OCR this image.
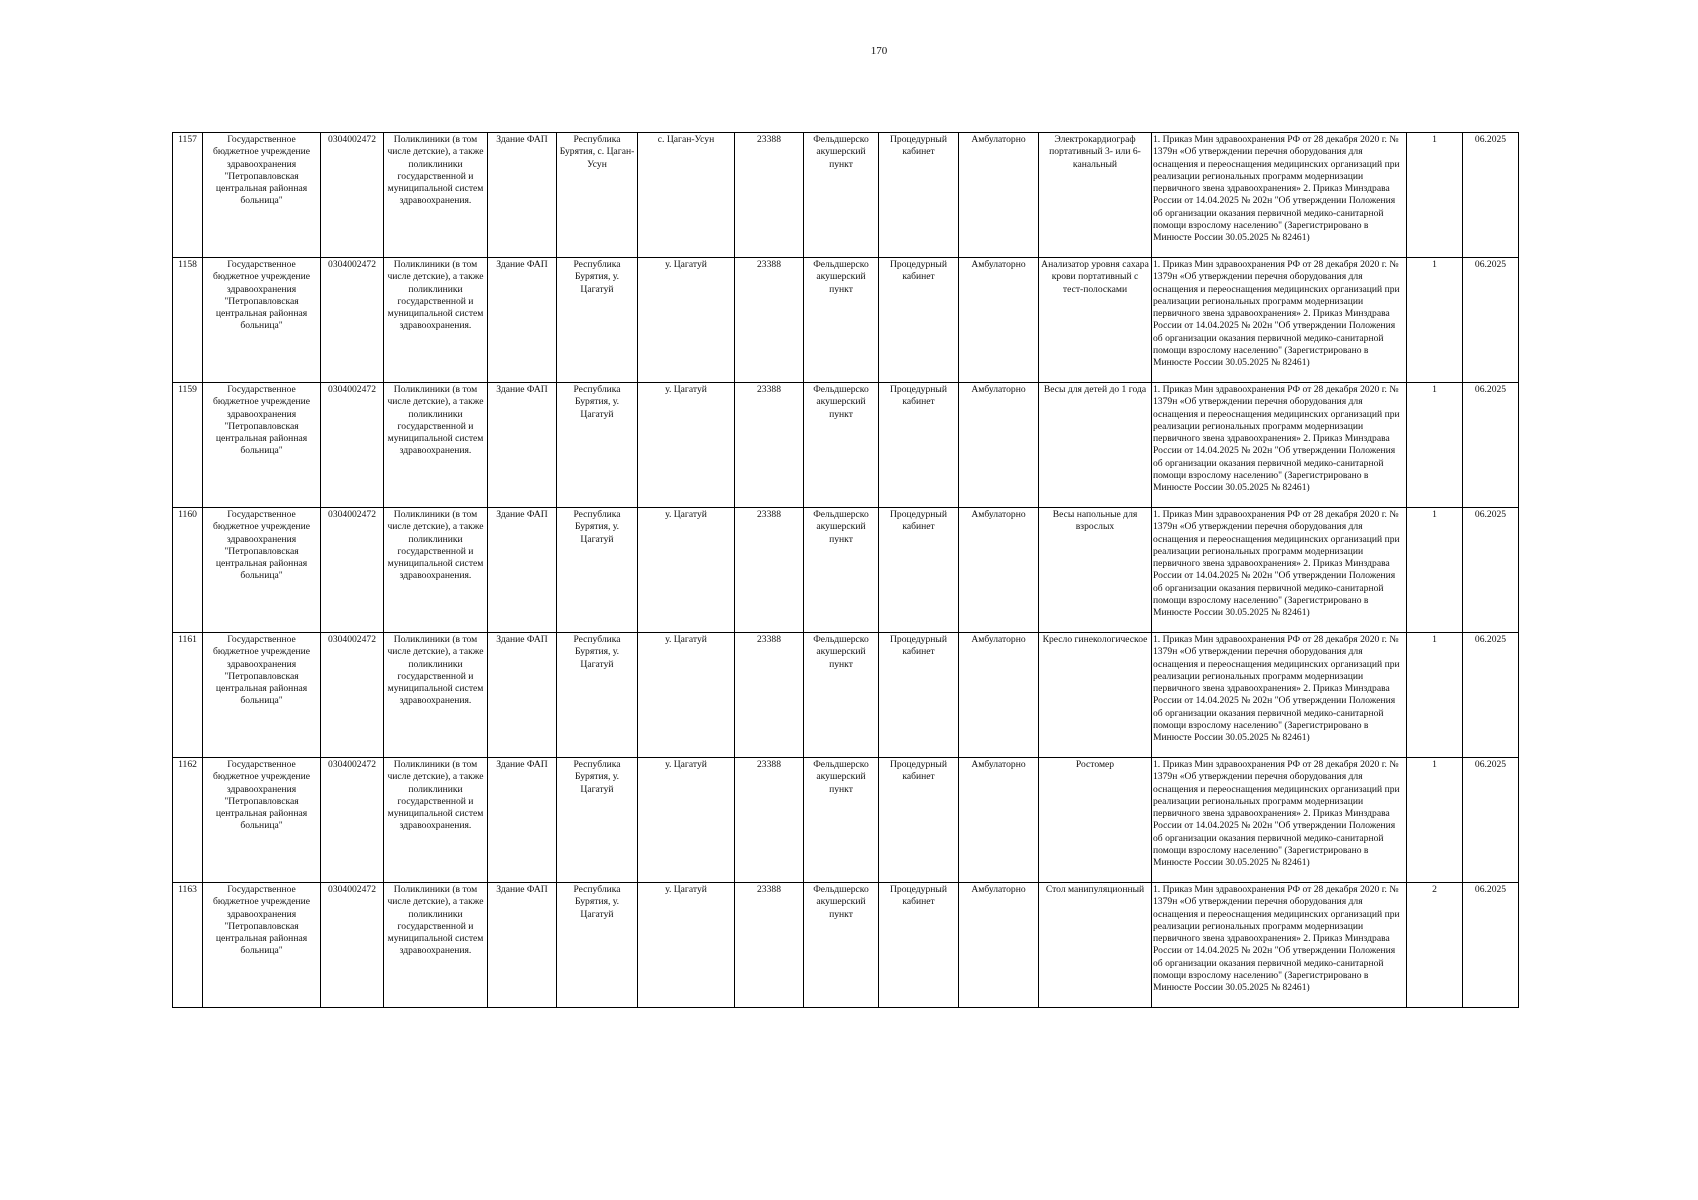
170
1157	Государственное бюджетное учреждение здравоохранения "Петропавловская центральная районная больница"	0304002472	Поликлиники (в том числе детские), а также поликлиники государственной и муниципальной систем здравоохранения.	Здание ФАП	Республика Бурятия, с. Цаган-Усун	с. Цаган-Усун	23388	Фельдшерско акушерский пункт	Процедурный кабинет	Амбулаторно	Электрокардиограф портативный 3- или 6-канальный	1. Приказ Мин здравоохранения РФ от 28 декабря 2020 г. № 1379н «Об утверждении перечня оборудования для оснащения и переоснащения медицинских организаций при реализации региональных программ модернизации первичного звена здравоохранения» 2. Приказ Минздрава России от 14.04.2025 № 202н "Об утверждении Положения об организации оказания первичной медико-санитарной помощи взрослому населению" (Зарегистрировано в Минюсте России 30.05.2025 № 82461)	1	06.2025
1158	Государственное бюджетное учреждение здравоохранения "Петропавловская центральная районная больница"	0304002472	Поликлиники (в том числе детские), а также поликлиники государственной и муниципальной систем здравоохранения.	Здание ФАП	Республика Бурятия, у. Цагатуй	у. Цагатуй	23388	Фельдшерско акушерский пункт	Процедурный кабинет	Амбулаторно	Анализатор уровня сахара крови портативный с тест-полосками	1. Приказ Мин здравоохранения РФ от 28 декабря 2020 г. № 1379н «Об утверждении перечня оборудования для оснащения и переоснащения медицинских организаций при реализации региональных программ модернизации первичного звена здравоохранения» 2. Приказ Минздрава России от 14.04.2025 № 202н "Об утверждении Положения об организации оказания первичной медико-санитарной помощи взрослому населению" (Зарегистрировано в Минюсте России 30.05.2025 № 82461)	1	06.2025
1159	Государственное бюджетное учреждение здравоохранения "Петропавловская центральная районная больница"	0304002472	Поликлиники (в том числе детские), а также поликлиники государственной и муниципальной систем здравоохранения.	Здание ФАП	Республика Бурятия, у. Цагатуй	у. Цагатуй	23388	Фельдшерско акушерский пункт	Процедурный кабинет	Амбулаторно	Весы для детей до 1 года	1. Приказ Мин здравоохранения РФ от 28 декабря 2020 г. № 1379н «Об утверждении перечня оборудования для оснащения и переоснащения медицинских организаций при реализации региональных программ модернизации первичного звена здравоохранения» 2. Приказ Минздрава России от 14.04.2025 № 202н "Об утверждении Положения об организации оказания первичной медико-санитарной помощи взрослому населению" (Зарегистрировано в Минюсте России 30.05.2025 № 82461)	1	06.2025
1160	Государственное бюджетное учреждение здравоохранения "Петропавловская центральная районная больница"	0304002472	Поликлиники (в том числе детские), а также поликлиники государственной и муниципальной систем здравоохранения.	Здание ФАП	Республика Бурятия, у. Цагатуй	у. Цагатуй	23388	Фельдшерско акушерский пункт	Процедурный кабинет	Амбулаторно	Весы напольные для взрослых	1. Приказ Мин здравоохранения РФ от 28 декабря 2020 г. № 1379н «Об утверждении перечня оборудования для оснащения и переоснащения медицинских организаций при реализации региональных программ модернизации первичного звена здравоохранения» 2. Приказ Минздрава России от 14.04.2025 № 202н "Об утверждении Положения об организации оказания первичной медико-санитарной помощи взрослому населению" (Зарегистрировано в Минюсте России 30.05.2025 № 82461)	1	06.2025
1161	Государственное бюджетное учреждение здравоохранения "Петропавловская центральная районная больница"	0304002472	Поликлиники (в том числе детские), а также поликлиники государственной и муниципальной систем здравоохранения.	Здание ФАП	Республика Бурятия, у. Цагатуй	у. Цагатуй	23388	Фельдшерско акушерский пункт	Процедурный кабинет	Амбулаторно	Кресло гинекологическое	1. Приказ Мин здравоохранения РФ от 28 декабря 2020 г. № 1379н «Об утверждении перечня оборудования для оснащения и переоснащения медицинских организаций при реализации региональных программ модернизации первичного звена здравоохранения» 2. Приказ Минздрава России от 14.04.2025 № 202н "Об утверждении Положения об организации оказания первичной медико-санитарной помощи взрослому населению" (Зарегистрировано в Минюсте России 30.05.2025 № 82461)	1	06.2025
1162	Государственное бюджетное учреждение здравоохранения "Петропавловская центральная районная больница"	0304002472	Поликлиники (в том числе детские), а также поликлиники государственной и муниципальной систем здравоохранения.	Здание ФАП	Республика Бурятия, у. Цагатуй	у. Цагатуй	23388	Фельдшерско акушерский пункт	Процедурный кабинет	Амбулаторно	Ростомер	1. Приказ Мин здравоохранения РФ от 28 декабря 2020 г. № 1379н «Об утверждении перечня оборудования для оснащения и переоснащения медицинских организаций при реализации региональных программ модернизации первичного звена здравоохранения» 2. Приказ Минздрава России от 14.04.2025 № 202н "Об утверждении Положения об организации оказания первичной медико-санитарной помощи взрослому населению" (Зарегистрировано в Минюсте России 30.05.2025 № 82461)	1	06.2025
1163	Государственное бюджетное учреждение здравоохранения "Петропавловская центральная районная больница"	0304002472	Поликлиники (в том числе детские), а также поликлиники государственной и муниципальной систем здравоохранения.	Здание ФАП	Республика Бурятия, у. Цагатуй	у. Цагатуй	23388	Фельдшерско акушерский пункт	Процедурный кабинет	Амбулаторно	Стол манипуляционный	1. Приказ Мин здравоохранения РФ от 28 декабря 2020 г. № 1379н «Об утверждении перечня оборудования для оснащения и переоснащения медицинских организаций при реализации региональных программ модернизации первичного звена здравоохранения» 2. Приказ Минздрава России от 14.04.2025 № 202н "Об утверждении Положения об организации оказания первичной медико-санитарной помощи взрослому населению" (Зарегистрировано в Минюсте России 30.05.2025 № 82461)	2	06.2025
